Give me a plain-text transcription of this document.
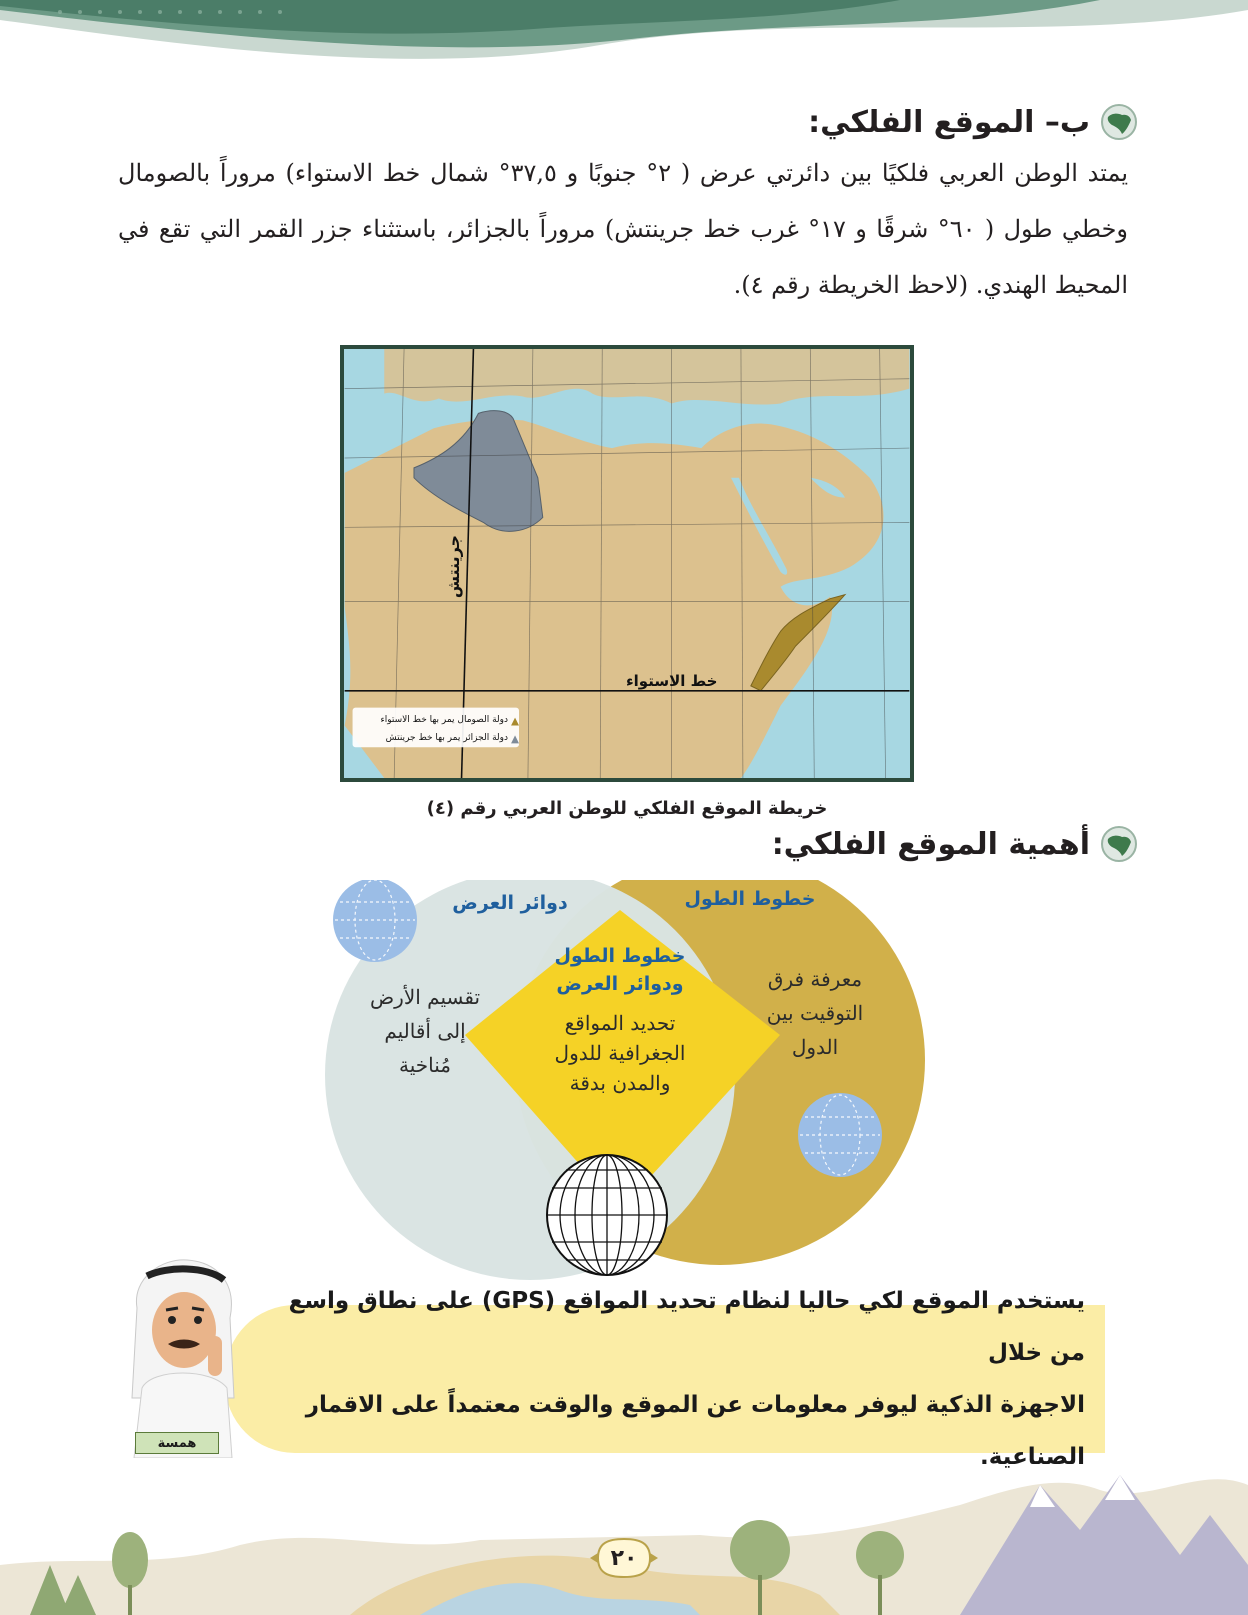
ب– الموقع الفلكي:

يمتد الوطن العربي فلكيًا بين دائرتي عرض ( ٢° جنوبًا و ٣٧,٥° شمال خط الاستواء) مروراً بالصومال وخطي طول ( ٦٠° شرقًا و ١٧° غرب خط جرينتش) مروراً بالجزائر، باستثناء جزر القمر التي تقع في المحيط الهندي. (لاحظ الخريطة رقم ٤).

جرينتش
خط الاستواء
دولة الصومال يمر بها خط الاستواء
دولة الجزائر يمر بها خط جرينتش
خريطة الموقع الفلكي للوطن العربي رقم (٤)
أهمية الموقع الفلكي:
دوائر العرض	خطوط الطول
تقسيم الأرض
إلى أقاليم
مُناخية
معرفة فرق
التوقيت بين
الدول
خطوط الطول
ودوائر العرض
تحديد المواقع
الجغرافية للدول
والمدن بدقة
يستخدم الموقع لكي حاليا لنظام تحديد المواقع (GPS) على نطاق واسع من خلال
الاجهزة الذكية ليوفر معلومات عن الموقع والوقت معتمداً على الاقمار الصناعية.
همسة
٢٠
